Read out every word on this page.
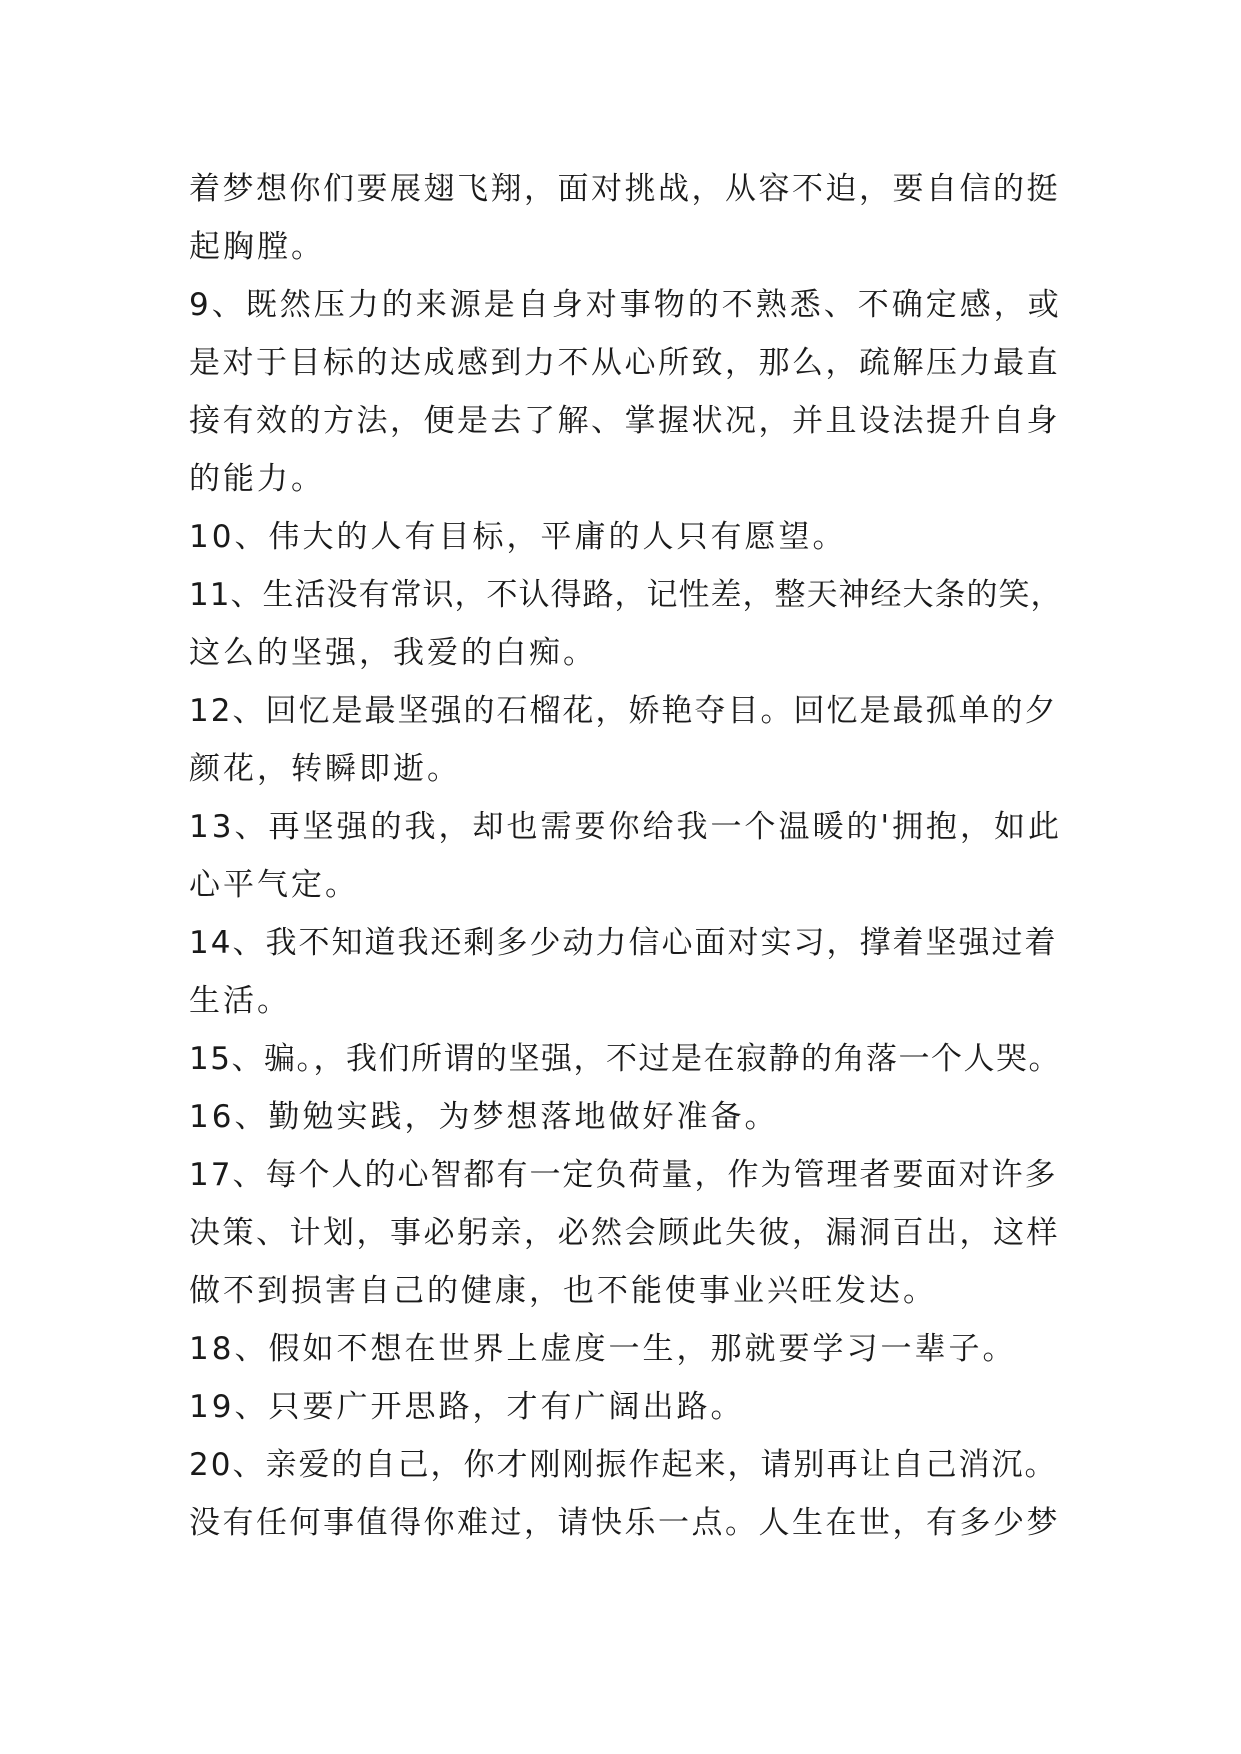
着梦想你们要展翅飞翔，面对挑战，从容不迫，要自信的挺
起胸膛。
9、既然压力的来源是自身对事物的不熟悉、不确定感，或
是对于目标的达成感到力不从心所致，那么，疏解压力最直
接有效的方法，便是去了解、掌握状况，并且设法提升自身
的能力。
10、伟大的人有目标，平庸的人只有愿望。
11、生活没有常识，不认得路，记性差，整天神经大条的笑，
这么的坚强，我爱的白痴。
12、回忆是最坚强的石榴花，娇艳夺目。回忆是最孤单的夕
颜花，转瞬即逝。
13、再坚强的我，却也需要你给我一个温暖的'拥抱，如此
心平气定。
14、我不知道我还剩多少动力信心面对实习，撑着坚强过着
生活。
15、骗。，我们所谓的坚强，不过是在寂静的角落一个人哭。
16、勤勉实践，为梦想落地做好准备。
17、每个人的心智都有一定负荷量，作为管理者要面对许多
决策、计划，事必躬亲，必然会顾此失彼，漏洞百出，这样
做不到损害自己的健康，也不能使事业兴旺发达。
18、假如不想在世界上虚度一生，那就要学习一辈子。
19、只要广开思路，才有广阔出路。
20、亲爱的自己，你才刚刚振作起来，请别再让自己消沉。
没有任何事值得你难过，请快乐一点。人生在世，有多少梦
